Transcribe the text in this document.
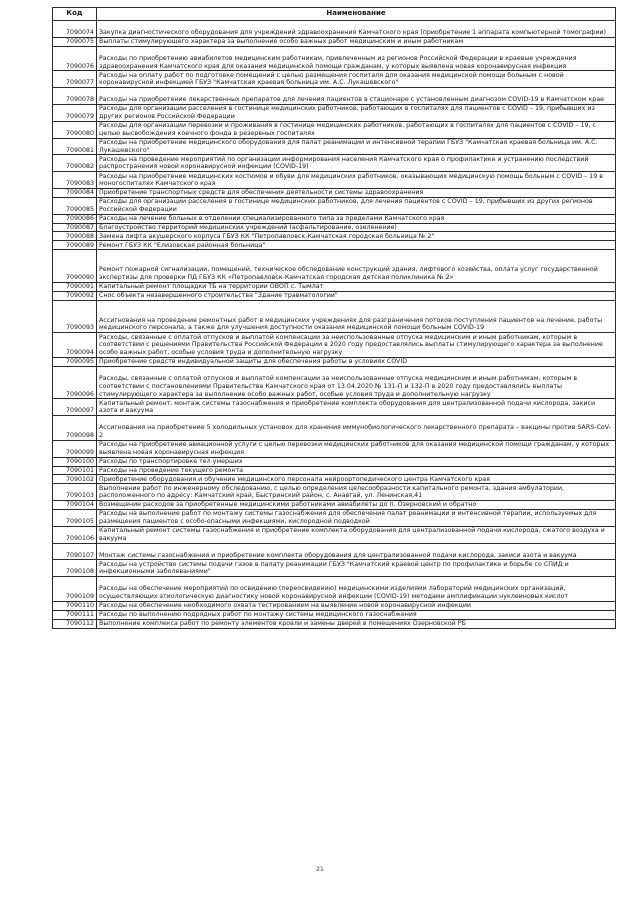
Код	Наименование
7090074	Закупка диагностического оборудования для учреждений здравоохранения Камчатского края (приобретение 1 аппарата компьютерной томографии)
7090075	Выплаты стимулирующего характера за выполнение особо важных работ медицинским и иным работникам
7090076	Расходы по приобретению авиабилетов медицинским работникам, привлеченным из регионов Российской Федерации в краевые учреждения здравоохранения Камчатского края для оказания медицинской помощи гражданам, у которых выявлена новая коронавирусная инфекция
7090077	Расходы на оплату работ по подготовке помещений с целью размещения госпиталя для оказания медицинской помощи больным с новой коронавирусной инфекцией ГБУЗ "Камчатская краевая больница им. А.С. Лукашевского"
7090078	Расходы на приобретение лекарственных препаратов для лечения пациентов в стационаре с установленным диагнозом COVID-19 в Камчатском крае
7090079	Расходы для организации расселения в гостинице медицинских работников, работающих в госпиталях для пациентов с COVID – 19, прибывших из других регионов Российской Федерации
7090080	Расходы для организации перевозки и проживания в гостинице медицинских работников, работающих в госпиталях для пациентов с COVID – 19, с целью высвобождения коечного фонда в резервных госпиталях
7090081	Расходы на приобретение медицинского оборудования для палат реанимации и интенсивной терапии ГБУЗ "Камчатская краевая больница им. А.С. Лукашевского"
7090082	Расходы на проведение мероприятий по организации информирования населения Камчатского края о профилактике и устранению последствий распространения новой коронавирусной инфекции (COVID-19)
7090083	Расходы на приобретение медицинских костюмов и обуви для медицинских работников, оказывающих медицинскую помощь больным с COVID – 19 в моногоспиталях Камчатского края
7090084	Приобретение транспортных средств для обеспечения деятельности системы здравоохранения
7090085	Расходы для организации расселения в гостинице медицинских работников, для лечения пациентов с COVID – 19, прибывших из других регионов Российской Федерации
7090086	Расходы на лечение больных в отделении специализированного типа за пределами Камчатского края
7090087	Благоустройство территорий медицинских учреждений (асфальтирование, озеленение)
7090088	Замена лифта акушерского корпуса ГБУЗ КК "Петропавловск-Камчатская городская больница № 2"
7090089	Ремонт ГБУЗ КК "Елизовская районная больница"
7090090	Ремонт пожарной сигнализации, помещений, техническое обследование конструкций здания, лифтового хозяйства, оплата услуг государственной экспертизы для проверки ПД ГБУЗ КК «Петропавловск-Камчатская городская детская поликлиника № 2»
7090091	Капитальный ремонт площадки ТБ на территории ОВОП с. Тымлат
7090092	Снос объекта незавершенного строительства "Здание травматологии"
7090093	Ассигнования на проведение ремонтных работ в медицинских учреждениях для разграничения потоков поступления пациентов на лечение, работы медицинского персонала, а также для улучшения доступности оказания медицинской помощи больным COVID-19
7090094	Расходы, связанные с оплатой отпусков и выплатой компенсации за неиспользованные отпуска медицинским и иным работникам, которым в соответствии с решениями Правительства Российской Федерации в 2020 году предоставлялись выплаты стимулирующего характера за выполнение особо важных работ, особые условия труда и дополнительную нагрузку
7090095	Приобретение средств индивидуальной защиты для обеспечения работы в условиях COVID
7090096	Расходы, связанные с оплатой отпусков и выплатой компенсации за неиспользованные отпуска медицинским и иным работникам, которым в соответствии с постановлениями Правительства Камчатского края от 13.04.2020 № 131-П и 132-П в 2020 году предоставлялись выплаты стимулирующего характера за выполнение особо важных работ, особые условия труда и дополнительную нагрузку
7090097	Капитальный ремонт, монтаж системы газоснабжения и приобретение комплекта оборудования для централизованной подачи кислорода, закиси азота и вакуума
7090098	Ассигнования на приобретение 5 холодильных установок для хранения иммунобиологического лекарственного препарата – вакцины против SARS-CoV-2
7090099	Расходы на приобретение авиационной услуги с целью перевозки медицинских работников для оказания медицинской помощи гражданам, у которых выявлена новая коронавирусная инфекция
7090100	Расходы по транспортировке тел умерших
7090101	Расходы на проведение текущего ремонта
7090102	Приобретение оборудования и обучение медицинского персонала нейроортопедического центра Камчатского края
7090103	Выполнение работ по инженерному обследованию, с целью определения целесообразности капитального ремонта, здания амбулатории, расположенного по адресу: Камчатский край, Быстринский район, с. Анавгай, ул. Ленинская,41
7090104	Возмещение расходов за приобретенные медицинскими работниками авиабилеты до п. Озерновский и обратно
7090105	Расходы на выполнение работ по монтажу системы газоснабжения для обеспечения палат реанимации и интенсивной терапии, используемых для размещения пациентов с особо-опасными инфекциями, кислородной подводкой
7090106	Капитальный ремонт системы газоснабжения и приобретение комплекта оборудования для централизованной подачи кислорода, сжатого воздуха и вакуума
7090107	Монтаж системы газоснабжения и приобретение комплекта оборудования для централизованной подачи кислорода, закиси азота и вакуума
7090108	Расходы на устройство системы подачи газов в палату реанимации ГБУЗ "Камчатский краевой центр по профилактике и борьбе со СПИД и инфекционными заболеваниями"
7090109	Расходы на обеспечение мероприятий по освидению (переосвидению) медицинскими изделиями лабораторий медицинских организаций, осуществляющих этиологическую диагностику новой коронавирусной инфекции (COVID-19) методами амплификации нуклеиновых кислот
7090110	Расходы на обеспечение необходимого охвата тестированием на выявление новой коронавирусной инфекции
7090111	Расходы по выполнению подрядных работ по монтажу системы медицинского газоснабжения
7090112	Выполнение комплекса работ по ремонту элементов кровли и замены дверей в помещениях Озерновской РБ
21
